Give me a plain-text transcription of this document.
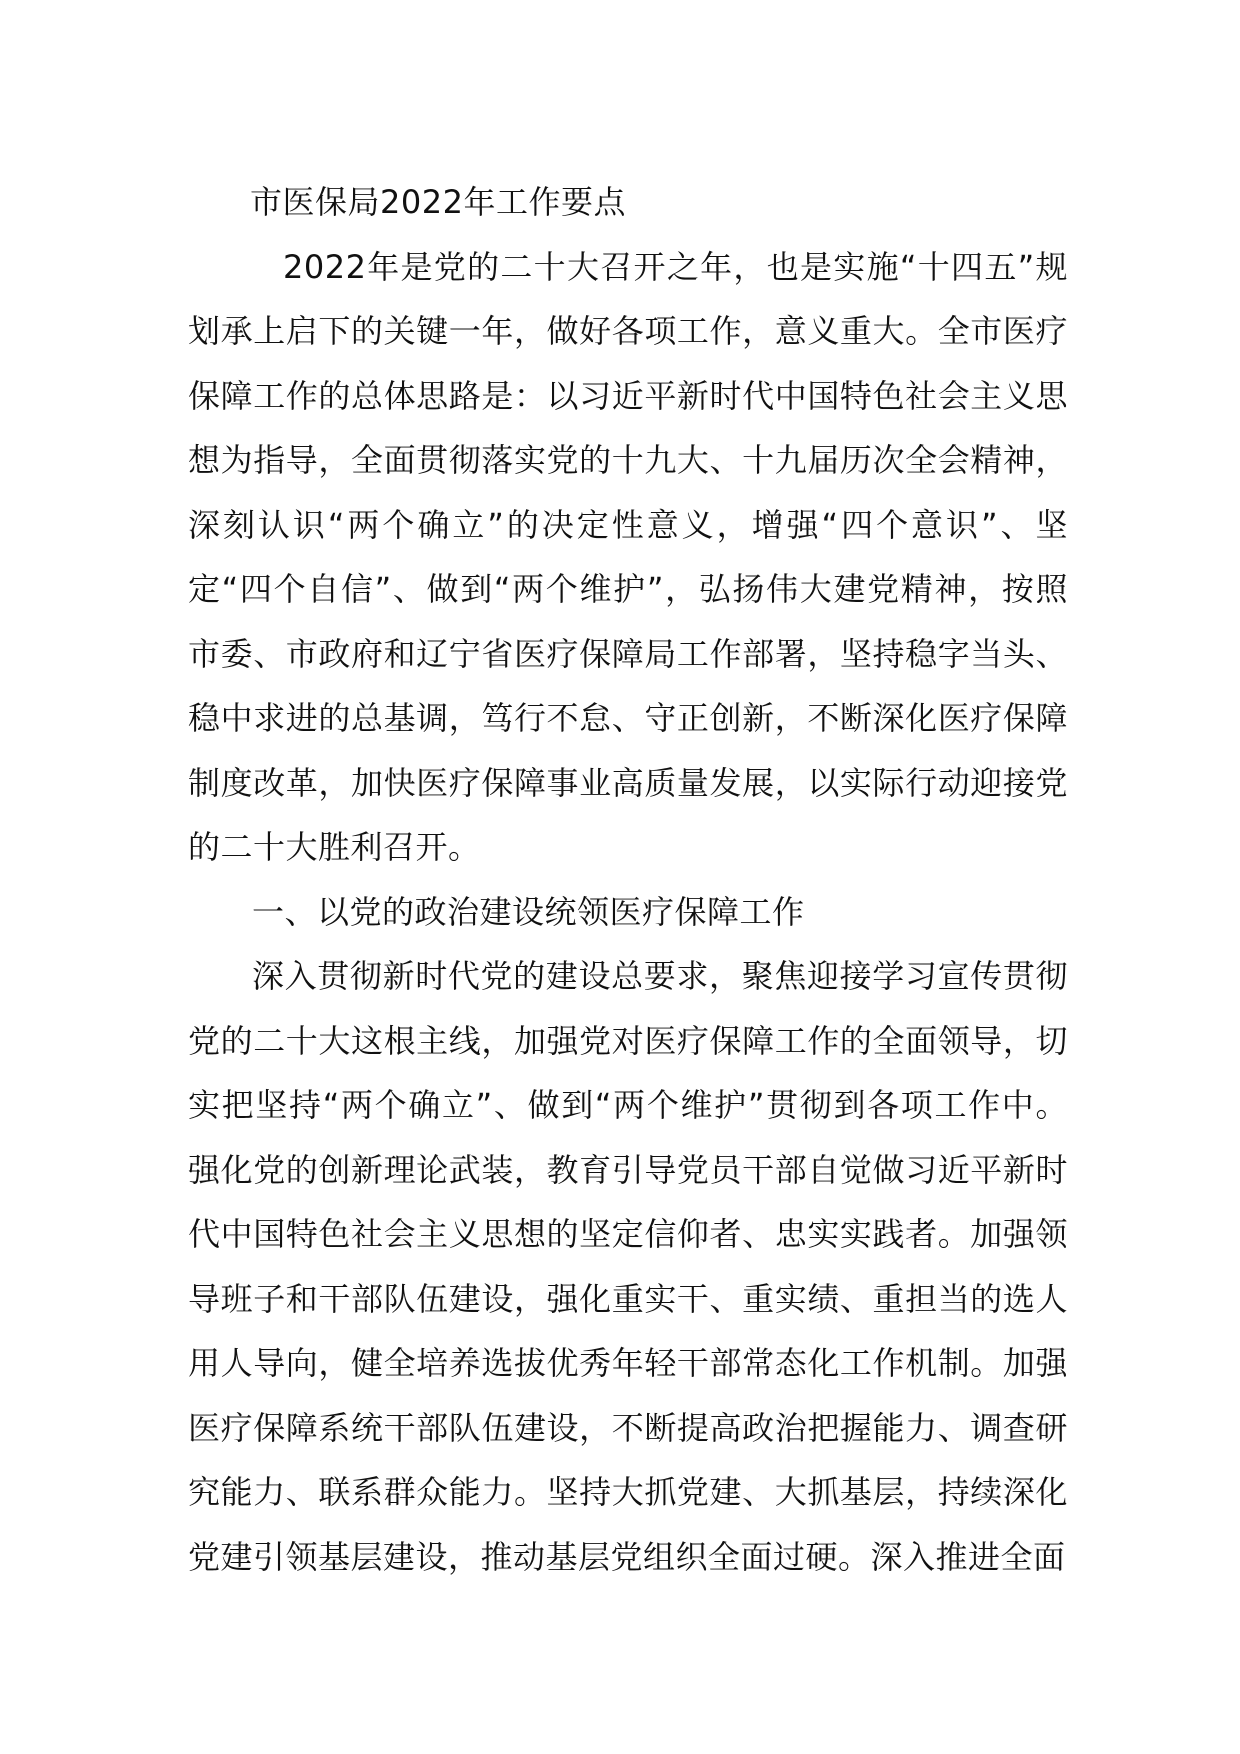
市医保局2022年工作要点

2022年是党的二十大召开之年，也是实施“十四五”规划承上启下的关键一年，做好各项工作，意义重大。全市医疗保障工作的总体思路是：以习近平新时代中国特色社会主义思想为指导，全面贯彻落实党的十九大、十九届历次全会精神，深刻认识“两个确立”的决定性意义，增强“四个意识”、坚定“四个自信”、做到“两个维护”，弘扬伟大建党精神，按照市委、市政府和辽宁省医疗保障局工作部署，坚持稳字当头、稳中求进的总基调，笃行不怠、守正创新，不断深化医疗保障制度改革，加快医疗保障事业高质量发展，以实际行动迎接党的二十大胜利召开。

一、以党的政治建设统领医疗保障工作

深入贯彻新时代党的建设总要求，聚焦迎接学习宣传贯彻党的二十大这根主线，加强党对医疗保障工作的全面领导，切实把坚持“两个确立”、做到“两个维护”贯彻到各项工作中。强化党的创新理论武装，教育引导党员干部自觉做习近平新时代中国特色社会主义思想的坚定信仰者、忠实实践者。加强领导班子和干部队伍建设，强化重实干、重实绩、重担当的选人用人导向，健全培养选拔优秀年轻干部常态化工作机制。加强医疗保障系统干部队伍建设，不断提高政治把握能力、调查研究能力、联系群众能力。坚持大抓党建、大抓基层，持续深化党建引领基层建设，推动基层党组织全面过硬。深入推进全面
